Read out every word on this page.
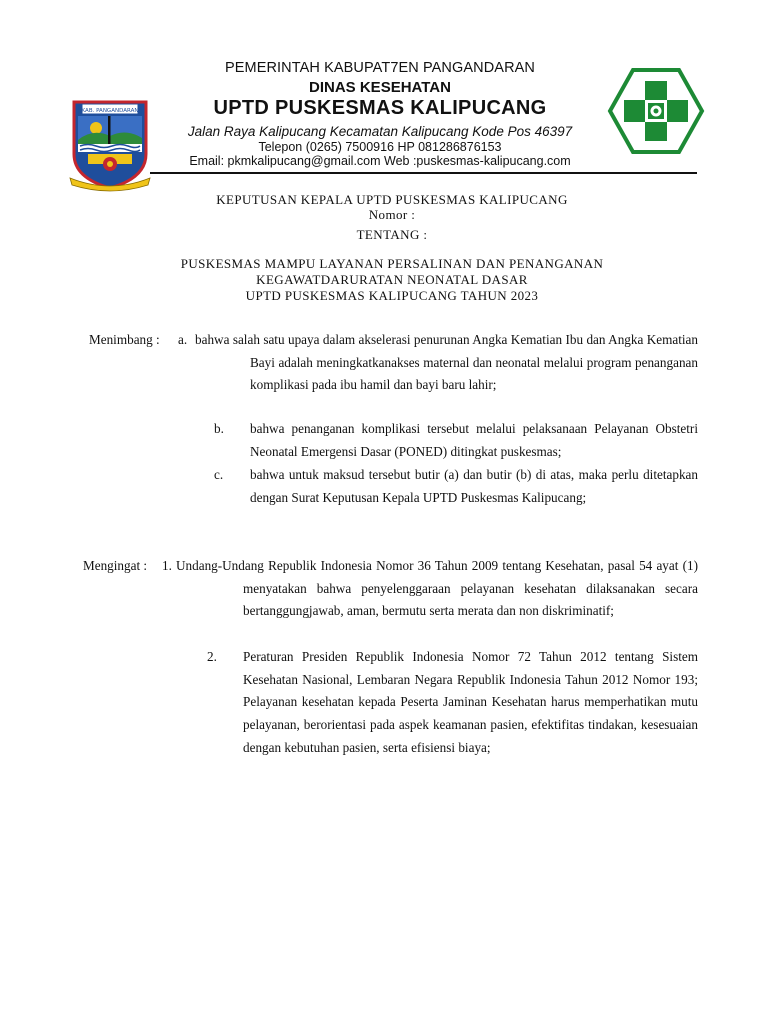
KAB. PANGANDARAN
PEMERINTAH KABUPAT7EN PANGANDARAN
DINAS KESEHATAN
UPTD PUSKESMAS KALIPUCANG
Jalan Raya Kalipucang Kecamatan Kalipucang Kode Pos 46397
Telepon (0265) 7500916 HP 081286876153
Email: pkmkalipucang@gmail.com Web :puskesmas-kalipucang.com
KEPUTUSAN KEPALA UPTD PUSKESMAS KALIPUCANG
Nomor :
TENTANG :
PUSKESMAS MAMPU LAYANAN PERSALINAN DAN PENANGANAN
KEGAWATDARURATAN NEONATAL DASAR
UPTD PUSKESMAS KALIPUCANG TAHUN 2023
Menimbang : a. bahwa salah satu upaya dalam akselerasi penurunan Angka Kematian Ibu dan Angka Kematian Bayi adalah meningkatkanakses maternal dan neonatal melalui program penanganan komplikasi pada ibu hamil dan bayi baru lahir;
b. bahwa penanganan komplikasi tersebut melalui pelaksanaan Pelayanan Obstetri Neonatal Emergensi Dasar (PONED) ditingkat puskesmas;
c. bahwa untuk maksud tersebut butir (a) dan butir (b) di atas, maka perlu ditetapkan dengan Surat Keputusan Kepala UPTD Puskesmas Kalipucang;
Mengingat : 1. Undang-Undang Republik Indonesia Nomor 36 Tahun 2009 tentang Kesehatan, pasal 54 ayat (1) menyatakan bahwa penyelenggaraan pelayanan kesehatan dilaksanakan secara bertanggungjawab, aman, bermutu serta merata dan non diskriminatif;
2. Peraturan Presiden Republik Indonesia Nomor 72 Tahun 2012 tentang Sistem Kesehatan Nasional, Lembaran Negara Republik Indonesia Tahun 2012 Nomor 193; Pelayanan kesehatan kepada Peserta Jaminan Kesehatan harus memperhatikan mutu pelayanan, berorientasi pada aspek keamanan pasien, efektifitas tindakan, kesesuaian dengan kebutuhan pasien, serta efisiensi biaya;
